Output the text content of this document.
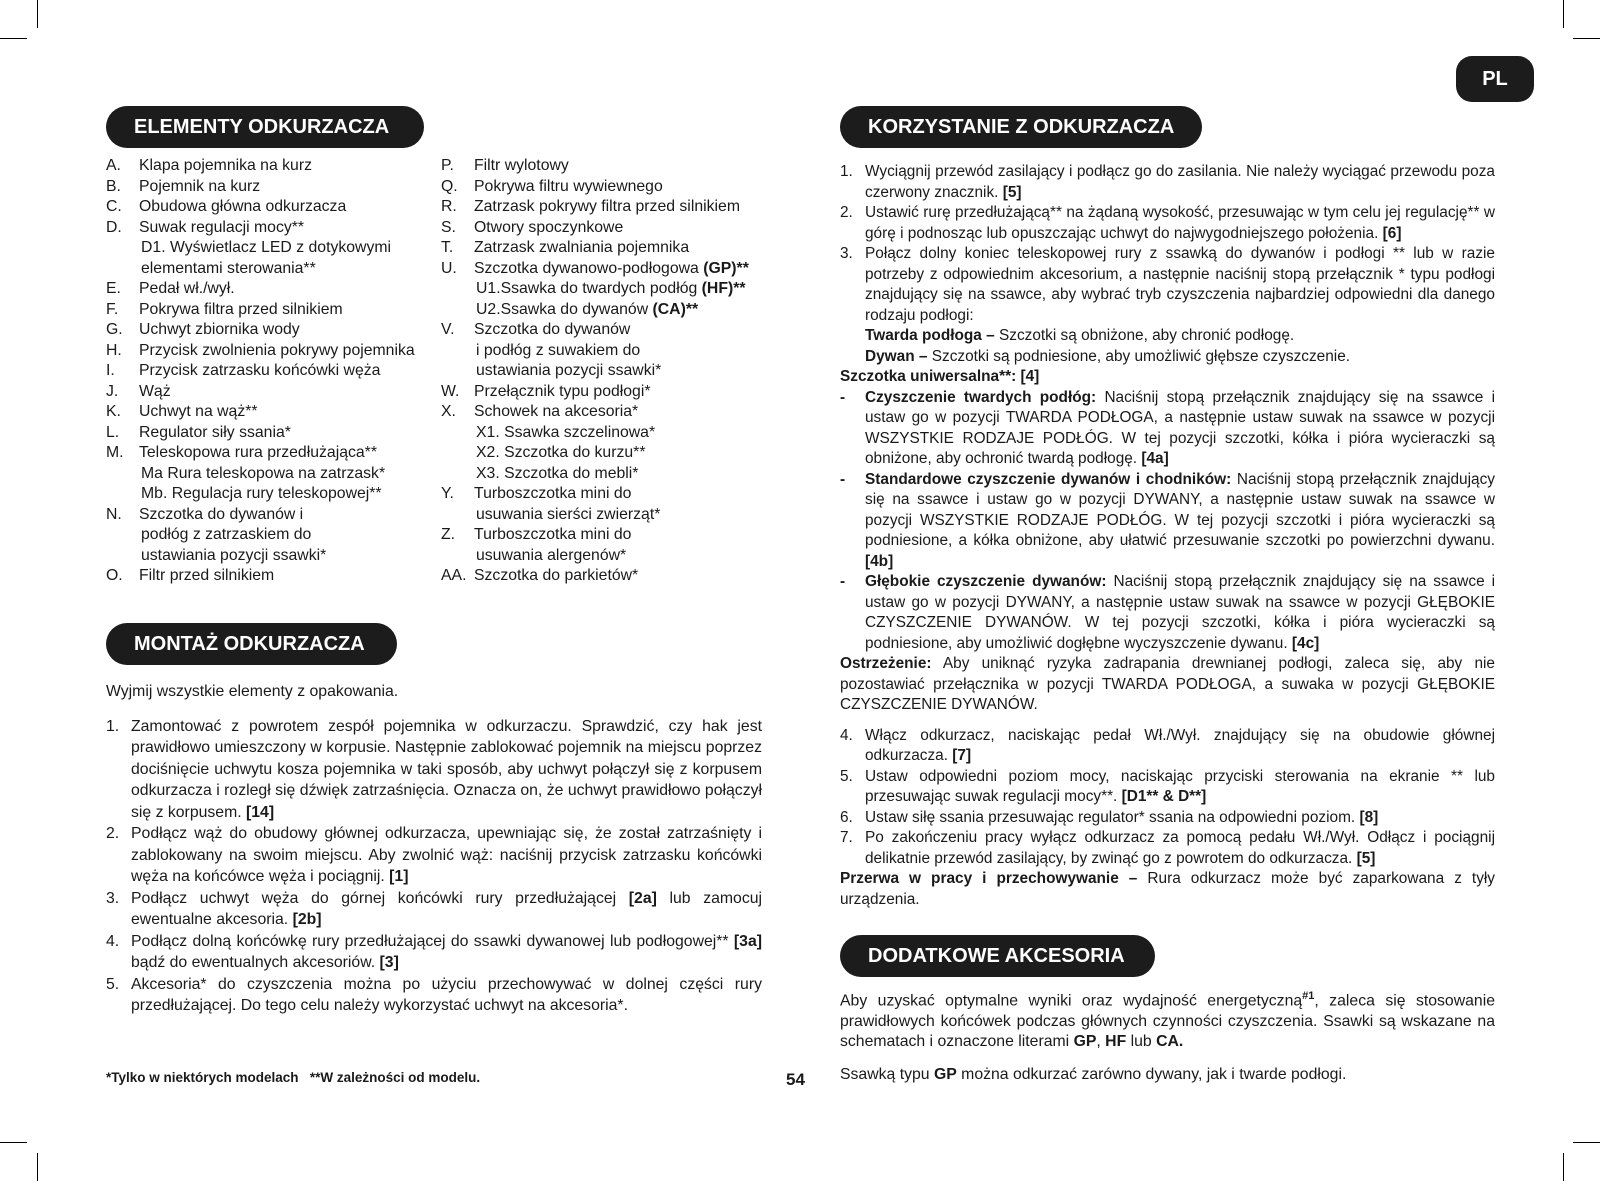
PL
ELEMENTY ODKURZACZA
A. Klapa pojemnika na kurz
B. Pojemnik na kurz
C. Obudowa główna odkurzacza
D. Suwak regulacji mocy**
D1. Wyświetlacz LED z dotykowymi
elementami sterowania**
E. Pedał wł./wył.
F. Pokrywa filtra przed silnikiem
G. Uchwyt zbiornika wody
H. Przycisk zwolnienia pokrywy pojemnika
I. Przycisk zatrzasku końcówki węża
J. Wąż
K. Uchwyt na wąż**
L. Regulator siły ssania*
M. Teleskopowa rura przedłużająca**
Ma Rura teleskopowa na zatrzask*
Mb. Regulacja rury teleskopowej**
N. Szczotka do dywanów i
podłóg z zatrzaskiem do
ustawiania pozycji ssawki*
O. Filtr przed silnikiem
P. Filtr wylotowy
Q. Pokrywa filtru wywiewnego
R. Zatrzask pokrywy filtra przed silnikiem
S. Otwory spoczynkowe
T. Zatrzask zwalniania pojemnika
U. Szczotka dywanowo-podłogowa (GP)**
U1.Ssawka do twardych podłóg (HF)**
U2.Ssawka do dywanów (CA)**
V. Szczotka do dywanów
i podłóg z suwakiem do
ustawiania pozycji ssawki*
W. Przełącznik typu podłogi*
X. Schowek na akcesoria*
X1. Ssawka szczelinowa*
X2. Szczotka do kurzu**
X3. Szczotka do mebli*
Y. Turboszczotka mini do
usuwania sierści zwierząt*
Z. Turboszczotka mini do
usuwania alergenów*
AA. Szczotka do parkietów*
MONTAŻ ODKURZACZA

Wyjmij wszystkie elementy z opakowania.

1. Zamontować z powrotem zespół pojemnika w odkurzaczu. Sprawdzić, czy hak jest prawidłowo umieszczony w korpusie. Następnie zablokować pojemnik na miejscu poprzez dociśnięcie uchwytu kosza pojemnika w taki sposób, aby uchwyt połączył się z korpusem odkurzacza i rozległ się dźwięk zatrzaśnięcia. Oznacza on, że uchwyt prawidłowo połączył się z korpusem. [14]

2. Podłącz wąż do obudowy głównej odkurzacza, upewniając się, że został zatrzaśnięty i zablokowany na swoim miejscu. Aby zwolnić wąż: naciśnij przycisk zatrzasku końcówki węża na końcówce węża i pociągnij. [1]

3. Podłącz uchwyt węża do górnej końcówki rury przedłużającej [2a] lub zamocuj ewentualne akcesoria. [2b]

4. Podłącz dolną końcówkę rury przedłużającej do ssawki dywanowej lub podłogowej** [3a] bądź do ewentualnych akcesoriów. [3]

5. Akcesoria* do czyszczenia można po użyciu przechowywać w dolnej części rury przedłużającej. Do tego celu należy wykorzystać uchwyt na akcesoria*.

KORZYSTANIE Z ODKURZACZA

1. Wyciągnij przewód zasilający i podłącz go do zasilania. Nie należy wyciągać przewodu poza czerwony znacznik. [5]

2. Ustawić rurę przedłużającą** na żądaną wysokość, przesuwając w tym celu jej regulację** w górę i podnosząc lub opuszczając uchwyt do najwygodniejszego położenia. [6]

3. Połącz dolny koniec teleskopowej rury z ssawką do dywanów i podłogi ** lub w razie potrzeby z odpowiednim akcesorium, a następnie naciśnij stopą przełącznik * typu podłogi znajdujący się na ssawce, aby wybrać tryb czyszczenia najbardziej odpowiedni dla danego rodzaju podłogi:

Twarda podłoga – Szczotki są obniżone, aby chronić podłogę.

Dywan – Szczotki są podniesione, aby umożliwić głębsze czyszczenie.

Szczotka uniwersalna**: [4]

- Czyszczenie twardych podłóg: Naciśnij stopą przełącznik znajdujący się na ssawce i ustaw go w pozycji TWARDA PODŁOGA, a następnie ustaw suwak na ssawce w pozycji WSZYSTKIE RODZAJE PODŁÓG. W tej pozycji szczotki, kółka i pióra wycieraczki są obniżone, aby ochronić twardą podłogę. [4a]

- Standardowe czyszczenie dywanów i chodników: Naciśnij stopą przełącznik znajdujący się na ssawce i ustaw go w pozycji DYWANY, a następnie ustaw suwak na ssawce w pozycji WSZYSTKIE RODZAJE PODŁÓG. W tej pozycji szczotki i pióra wycieraczki są podniesione, a kółka obniżone, aby ułatwić przesuwanie szczotki po powierzchni dywanu. [4b]

- Głębokie czyszczenie dywanów: Naciśnij stopą przełącznik znajdujący się na ssawce i ustaw go w pozycji DYWANY, a następnie ustaw suwak na ssawce w pozycji GŁĘBOKIE CZYSZCZENIE DYWANÓW. W tej pozycji szczotki, kółka i pióra wycieraczki są podniesione, aby umożliwić dogłębne wyczyszczenie dywanu. [4c]

Ostrzeżenie: Aby uniknąć ryzyka zadrapania drewnianej podłogi, zaleca się, aby nie pozostawiać przełącznika w pozycji TWARDA PODŁOGA, a suwaka w pozycji GŁĘBOKIE CZYSZCZENIE DYWANÓW.

4. Włącz odkurzacz, naciskając pedał Wł./Wył. znajdujący się na obudowie głównej odkurzacza. [7]

5. Ustaw odpowiedni poziom mocy, naciskając przyciski sterowania na ekranie ** lub przesuwając suwak regulacji mocy**. [D1** & D**]

6. Ustaw siłę ssania przesuwając regulator* ssania na odpowiedni poziom. [8]

7. Po zakończeniu pracy wyłącz odkurzacz za pomocą pedału Wł./Wył. Odłącz i pociągnij delikatnie przewód zasilający, by zwinąć go z powrotem do odkurzacza. [5]

Przerwa w pracy i przechowywanie – Rura odkurzacz może być zaparkowana z tyły urządzenia.

DODATKOWE AKCESORIA

Aby uzyskać optymalne wyniki oraz wydajność energetyczną$^{\#1}$, zaleca się stosowanie prawidłowych końcówek podczas głównych czynności czyszczenia. Ssawki są wskazane na schematach i oznaczone literami GP, HF lub CA.

Ssawką typu GP można odkurzać zarówno dywany, jak i twarde podłogi.

*Tylko w niektórych modelach **W zależności od modelu.	54
